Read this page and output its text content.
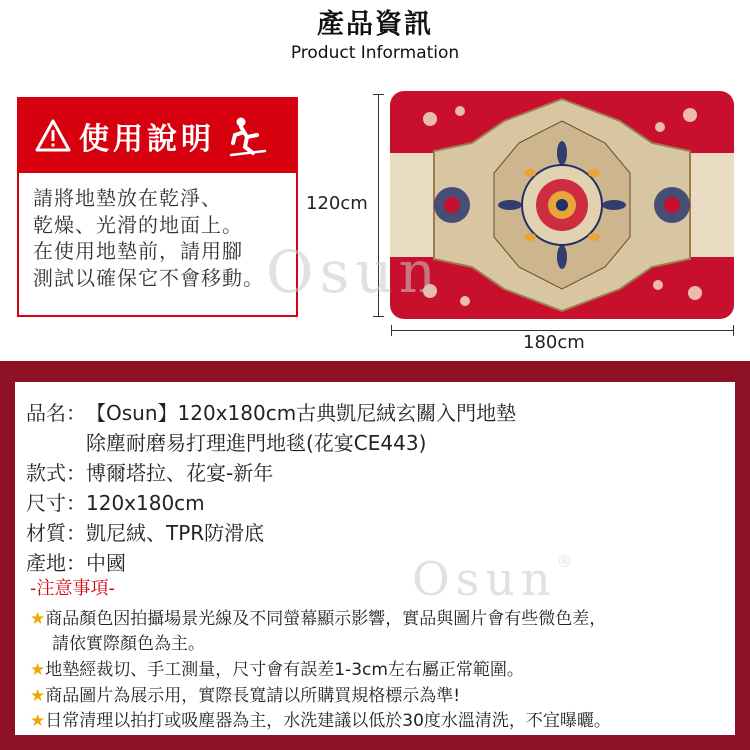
產品資訊
Product Information
使用說明
請將地墊放在乾淨、
乾燥、光滑的地面上。
在使用地墊前，請用腳
測試以確保它不會移動。
120cm
180cm
Osun
品名：【Osun】120x180cm古典凱尼絨玄關入門地墊
除塵耐磨易打理進門地毯(花宴CE443)
款式：博爾塔拉、花宴-新年
尺寸：120x180cm
材質：凱尼絨、TPR防滑底
產地：中國	Osun®
-注意事項-
★商品顏色因拍攝場景光線及不同螢幕顯示影響，實品與圖片會有些微色差，
請依實際顏色為主。
★地墊經裁切、手工測量，尺寸會有誤差1-3cm左右屬正常範圍。
★商品圖片為展示用，實際長寬請以所購買規格標示為準!
★日常清理以拍打或吸塵器為主，水洗建議以低於30度水溫清洗，不宜曝曬。
